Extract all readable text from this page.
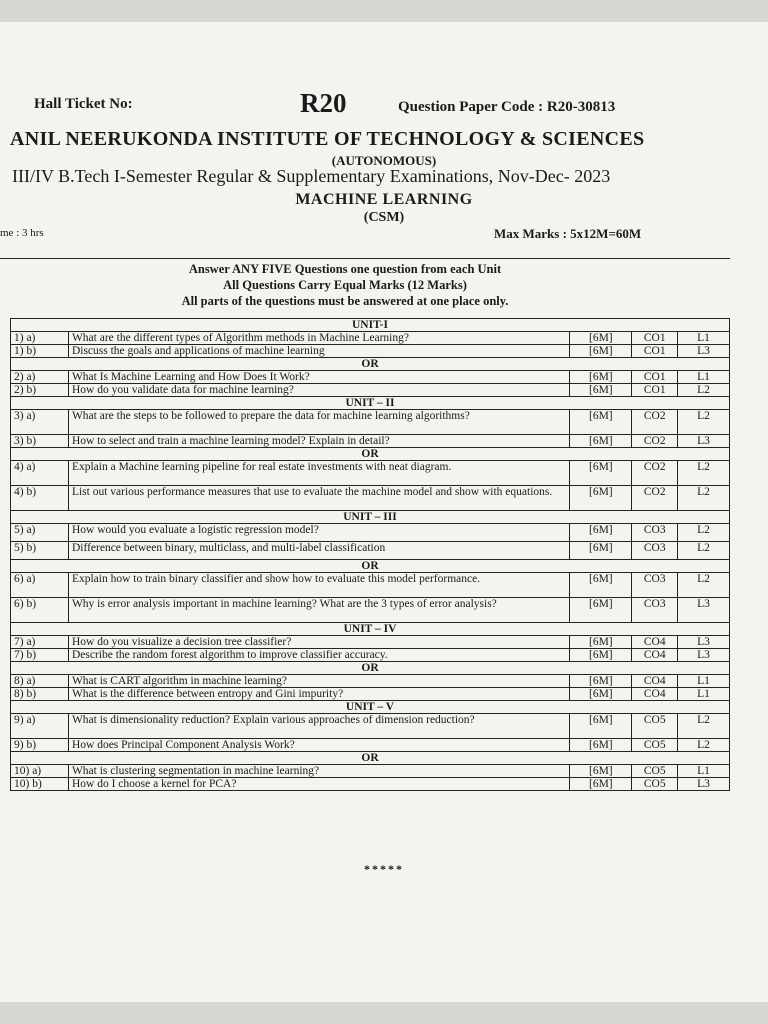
Hall Ticket No:	R20	Question Paper Code : R20-30813
ANIL NEERUKONDA INSTITUTE OF TECHNOLOGY & SCIENCES
(AUTONOMOUS)
III/IV B.Tech I-Semester Regular & Supplementary Examinations, Nov-Dec- 2023
MACHINE LEARNING
(CSM)
me : 3 hrs	Max Marks : 5x12M=60M
Answer ANY FIVE Questions one question from each Unit
All Questions Carry Equal Marks (12 Marks)
All parts of the questions must be answered at one place only.
UNIT-I				
1) a)	What are the different types of Algorithm methods in Machine Learning?	[6M]	CO1	L1
1) b)	Discuss the goals and applications of machine learning	[6M]	CO1	L3
OR				
2) a)	What Is Machine Learning and How Does It Work?	[6M]	CO1	L1
2) b)	How do you validate data for machine learning?	[6M]	CO1	L2
UNIT – II				
3) a)	What are the steps to be followed to prepare the data for machine learning algorithms?	[6M]	CO2	L2
3) b)	How to select and train a machine learning model? Explain in detail?	[6M]	CO2	L3
OR				
4) a)	Explain a Machine learning pipeline for real estate investments with neat diagram.	[6M]	CO2	L2
4) b)	List out various performance measures that use to evaluate the machine model and show with equations.	[6M]	CO2	L2
UNIT – III				
5) a)	How would you evaluate a logistic regression model?	[6M]	CO3	L2
5) b)	Difference between binary, multiclass, and multi-label classification	[6M]	CO3	L2
OR				
6) a)	Explain how to train binary classifier and show how to evaluate this model performance.	[6M]	CO3	L2
6) b)	Why is error analysis important in machine learning? What are the 3 types of error analysis?	[6M]	CO3	L3
UNIT – IV				
7) a)	How do you visualize a decision tree classifier?	[6M]	CO4	L3
7) b)	Describe the random forest algorithm to improve classifier accuracy.	[6M]	CO4	L3
OR				
8) a)	What is CART algorithm in machine learning?	[6M]	CO4	L1
8) b)	What is the difference between entropy and Gini impurity?	[6M]	CO4	L1
UNIT – V				
9) a)	What is dimensionality reduction? Explain various approaches of dimension reduction?	[6M]	CO5	L2
9) b)	How does Principal Component Analysis Work?	[6M]	CO5	L2
OR				
10) a)	What is clustering segmentation in machine learning?	[6M]	CO5	L1
10) b)	How do I choose a kernel for PCA?	[6M]	CO5	L3
*****
